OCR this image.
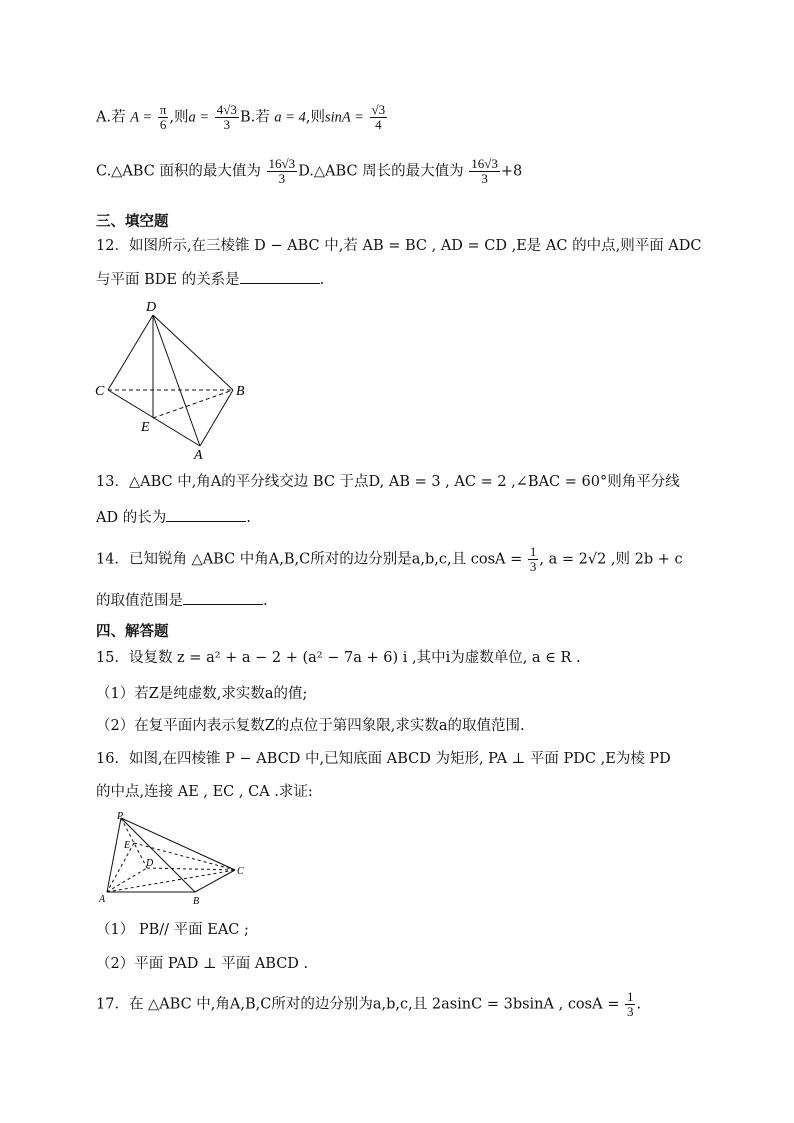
A.若 $A = \frac{\pi}{6}$ ,则$a = \frac{4√3}{3} B$.若 a = 4,则$\sin A = \frac{√3}{4}$
C.△ABC 面积的最大值为 $\frac{16√3}{3}$ D.△ABC 周长的最大值为 $\frac{16√3}{3} +8$
三、填空题
12．如图所示,在三棱锥 D − ABC 中,若 AB = BC , AD = CD ,E是 AC 的中点,则平面 ADC
与平面 BDE 的关系是	.
D
C	B
E
A
13．△ABC 中,角A的平分线交边 BC 于点D, AB = 3 , AC = 2 ,∠BAC = 60°则角平分线
AD 的长为	.
14．已知锐角 △ABC 中角A,B,C所对的边分别是a,b,c,且 $\cos A = \frac{1}{3}$ , a = 2√2 ,则 2b + c
的取值范围是	.
四、解答题
15．设复数 z = a² + a − 2 + (a² − 7a + 6) i ,其中i为虚数单位, a ∈ R .
（1）若Z是纯虚数,求实数a的值;
（2）在复平面内表示复数Z的点位于第四象限,求实数a的取值范围.
16．如图,在四棱锥 P − ABCD 中,已知底面 ABCD 为矩形, PA ⊥ 平面 PDC ,E为棱 PD
的中点,连接 AE , EC , CA .求证:
P
E
D
C
A	B
（1） PB// 平面 EAC ;
（2）平面 PAD ⊥ 平面 ABCD .
17．在 △ABC 中,角A,B,C所对的边分别为a,b,c,且 2asinC = 3bsinA , $\cos A = \frac{1}{3}$ .
